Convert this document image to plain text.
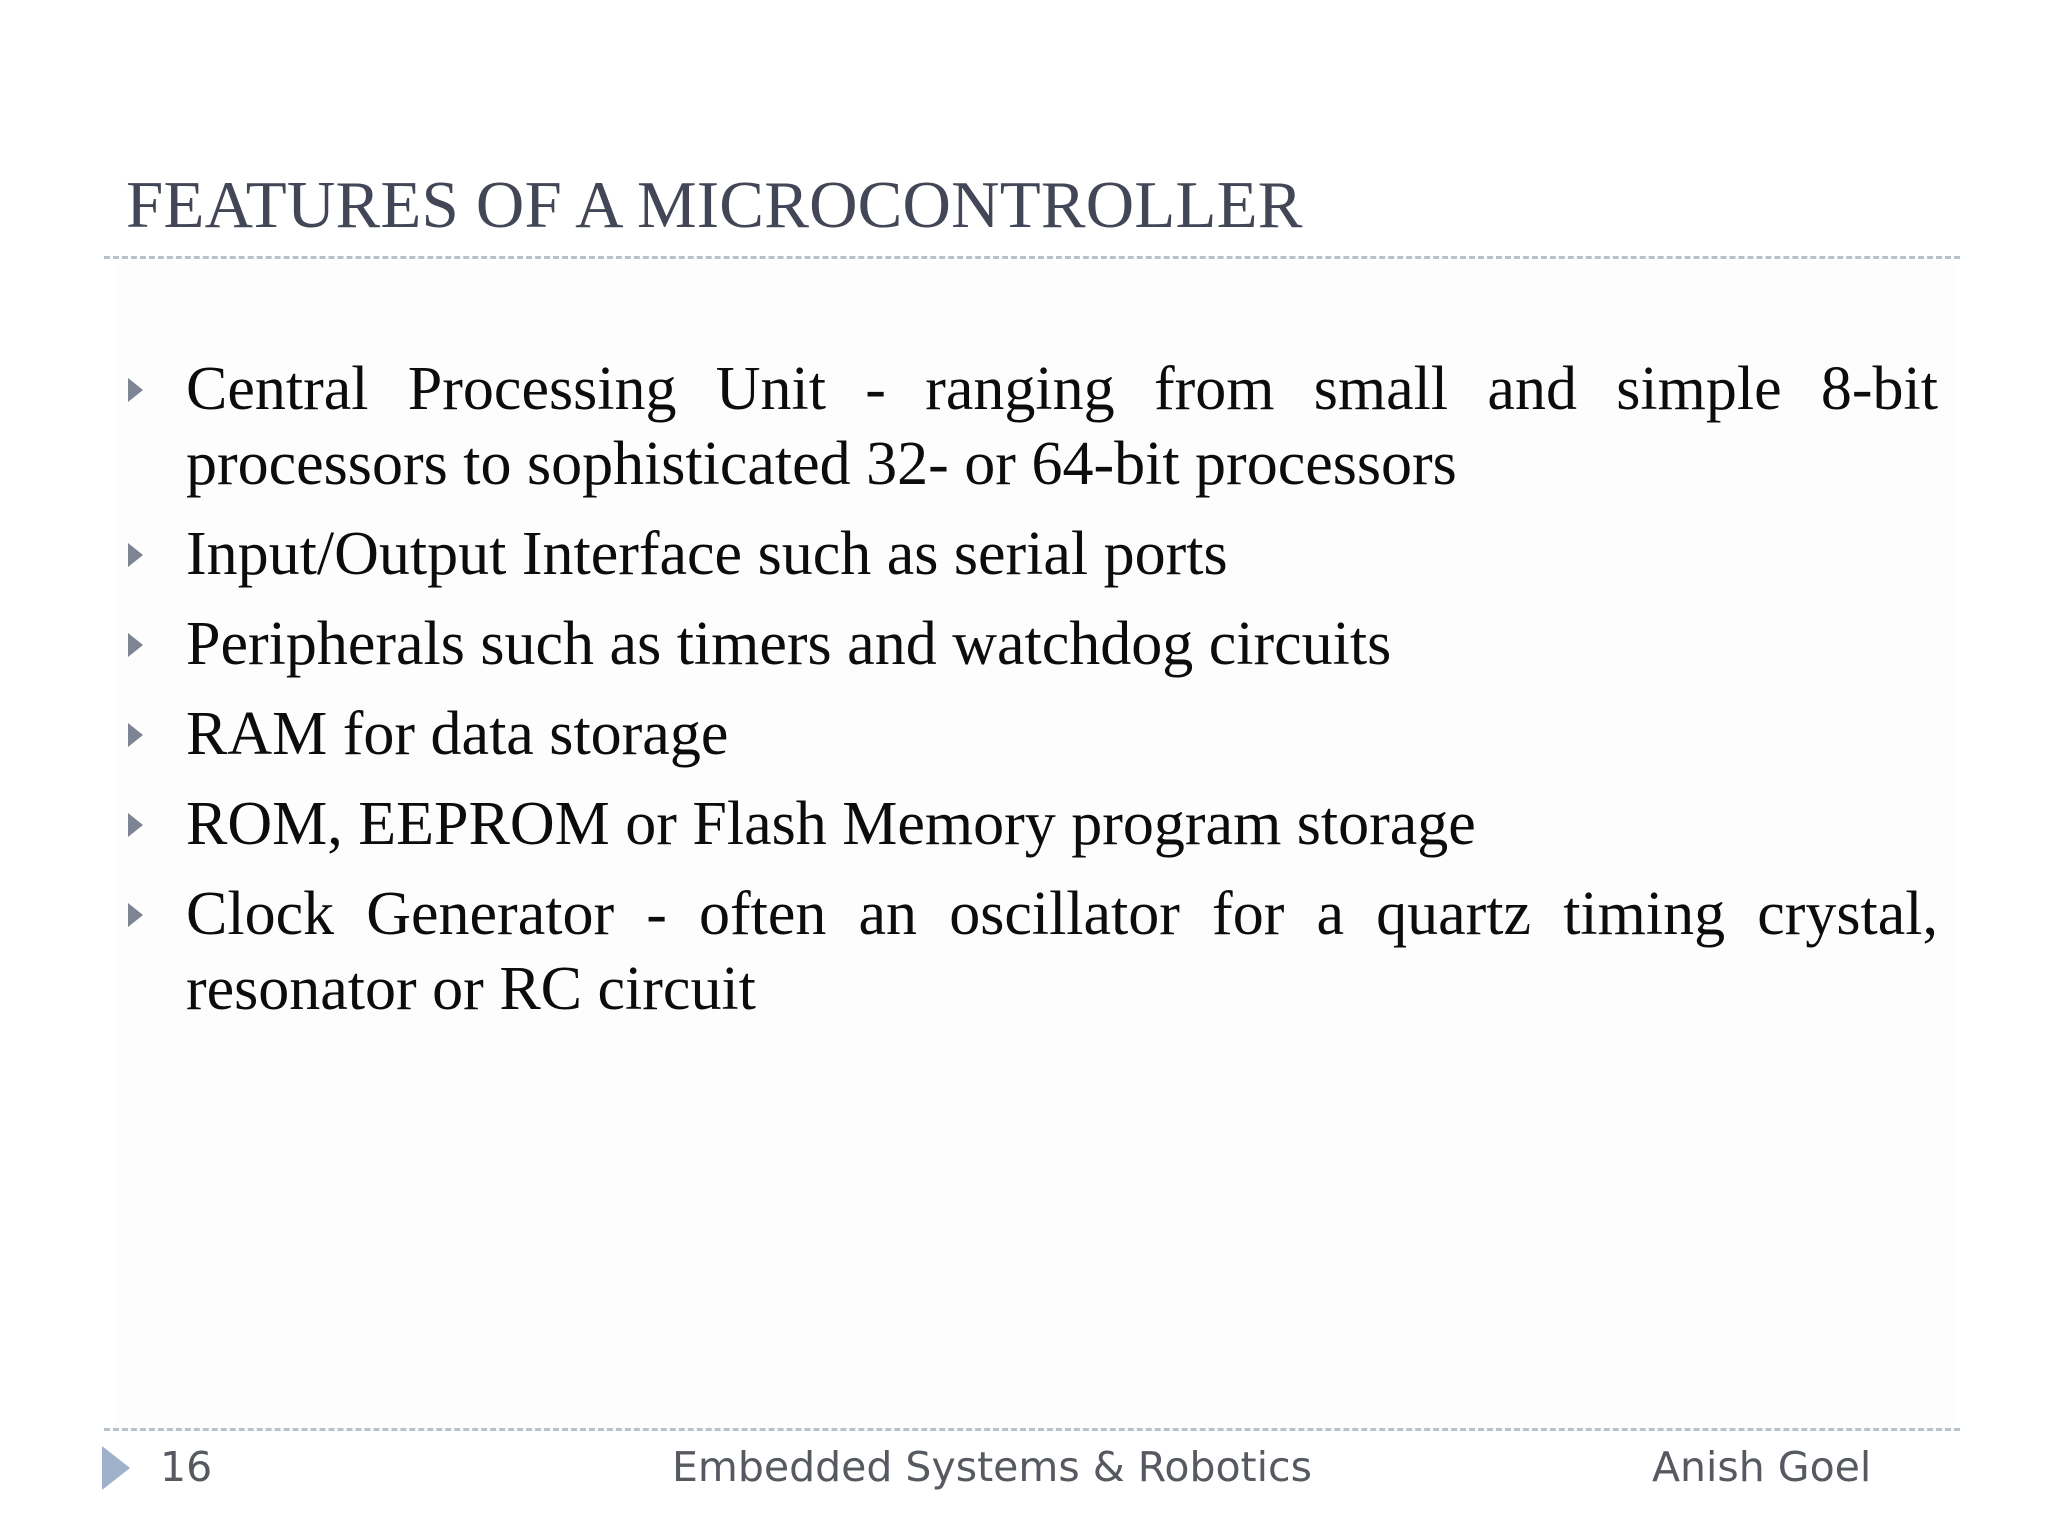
FEATURES OF A MICROCONTROLLER
Central Processing Unit - ranging from small and simple 8-bit processors to sophisticated 32- or 64-bit processors
Input/Output Interface such as serial ports
Peripherals such as timers and watchdog circuits
RAM for data storage
ROM, EEPROM or Flash Memory program storage
Clock Generator - often an oscillator for a quartz timing crystal, resonator or RC circuit
16	Embedded Systems & Robotics	Anish Goel
